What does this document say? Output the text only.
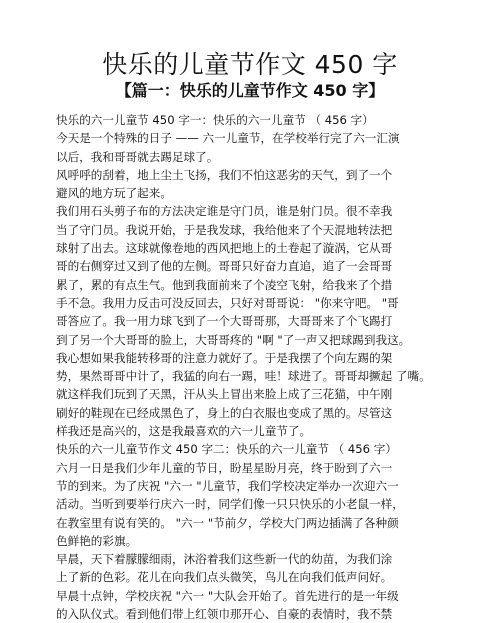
快乐的儿童节作文 450 字
【篇一：快乐的儿童节作文 450 字】
快乐的六一儿童节 450 字一：快乐的六一儿童节 （ 456 字）
今天是一个特殊的日子 —— 六一儿童节，在学校举行完了六一汇演
以后，我和哥哥就去踢足球了。
风呼呼的刮着，地上尘土飞扬，我们不怕这恶劣的天气，到了一个
避风的地方玩了起来。
我们用石头剪子布的方法决定谁是守门员，谁是射门员。很不幸我
当了守门员。我说开始，于是我发球，我给他来了个天混地转法把
球射了出去。这球就像卷地的西风把地上的土卷起了漩涡，它从哥
哥的右侧穿过又到了他的左侧。哥哥只好奋力直追，追了一会哥哥
累了，累的有点生气。他到我面前来了个凌空飞射，给我来了个措
手不急。我用力反击可没反回去，只好对哥哥说： "你来守吧。 "哥
哥答应了。我一用力球飞到了一个大哥哥那，大哥哥来了个飞踢打
到了另一个大哥哥的脸上，大哥哥疼的 "啊 "了一声又把球踢到我这。
我心想如果我能转移哥的注意力就好了。于是我摆了个向左踢的架
势，果然哥哥中计了，我猛的向右一踢，哇！球进了。哥哥却撅起 了嘴。
就这样我们玩到了天黑，汗从头上冒出来脸上成了三花猫，中午刚
刷好的鞋现在已经成黑色了，身上的白衣服也变成了黑的。尽管这
样我还是高兴的，这是我最喜欢的六一儿童节了。
快乐的六一儿童节作文 450 字二：快乐的六一儿童节 （ 456 字）
六月一日是我们少年儿童的节日，盼星星盼月亮，终于盼到了六一
节的到来。为了庆祝 "六一 "儿童节，我们学校决定举办一次迎六一
活动。当听到要举行庆六一时，同学们像一只只快乐的小老鼠一样，
在教室里有说有笑的。 "六一 "节前夕，学校大门两边插满了各种颜
色鲜艳的彩旗。
早晨，天下着朦朦细雨，沐浴着我们这些新一代的幼苗，为我们涂
上了新的色彩。花儿在向我们点头微笑，鸟儿在向我们低声问好。
早晨十点钟，学校庆祝 "六一 "大队会开始了。首先进行的是一年级
的入队仪式。看到他们带上红领巾那开心、自豪的表情时，我不禁
